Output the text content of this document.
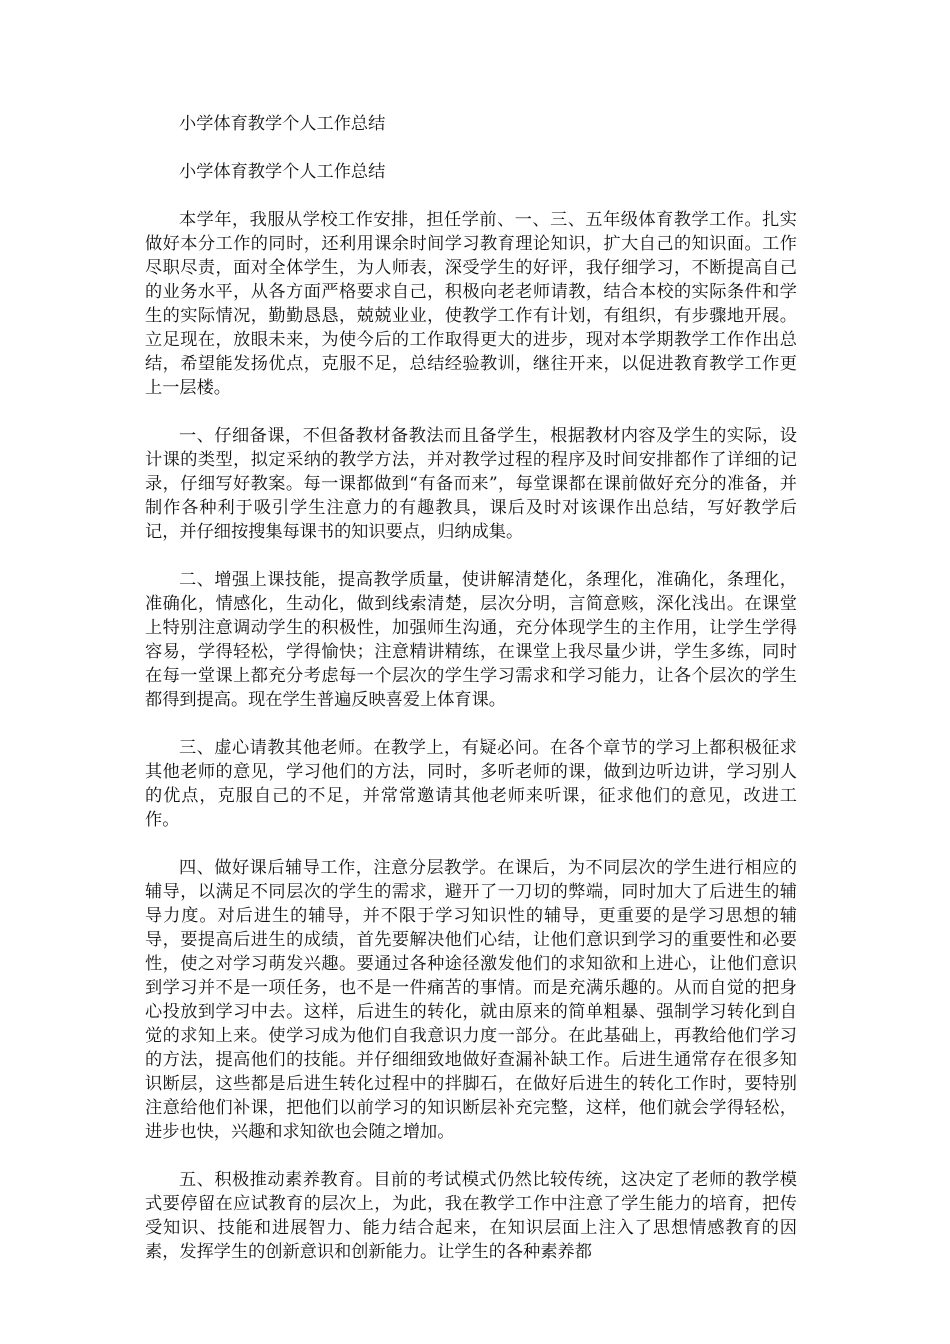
小学体育教学个人工作总结

小学体育教学个人工作总结

本学年，我服从学校工作安排，担任学前、一、三、五年级体育教学工作。扎实做好本分工作的同时，还利用课余时间学习教育理论知识，扩大自己的知识面。工作尽职尽责，面对全体学生，为人师表，深受学生的好评，我仔细学习，不断提高自己的业务水平，从各方面严格要求自己，积极向老老师请教，结合本校的实际条件和学生的实际情况，勤勤恳恳，兢兢业业，使教学工作有计划，有组织，有步骤地开展。立足现在，放眼未来，为使今后的工作取得更大的进步，现对本学期教学工作作出总结，希望能发扬优点，克服不足，总结经验教训，继往开来，以促进教育教学工作更上一层楼。

一、仔细备课，不但备教材备教法而且备学生，根据教材内容及学生的实际，设计课的类型，拟定采纳的教学方法，并对教学过程的程序及时间安排都作了详细的记录，仔细写好教案。每一课都做到“有备而来”，每堂课都在课前做好充分的准备，并制作各种利于吸引学生注意力的有趣教具，课后及时对该课作出总结，写好教学后记，并仔细按搜集每课书的知识要点，归纳成集。

二、增强上课技能，提高教学质量，使讲解清楚化，条理化，准确化，条理化，准确化，情感化，生动化，做到线索清楚，层次分明，言简意赅，深化浅出。在课堂上特别注意调动学生的积极性，加强师生沟通，充分体现学生的主作用，让学生学得容易，学得轻松，学得愉快；注意精讲精练，在课堂上我尽量少讲，学生多练，同时在每一堂课上都充分考虑每一个层次的学生学习需求和学习能力，让各个层次的学生都得到提高。现在学生普遍反映喜爱上体育课。

三、虚心请教其他老师。在教学上，有疑必问。在各个章节的学习上都积极征求其他老师的意见，学习他们的方法，同时，多听老师的课，做到边听边讲，学习别人的优点，克服自己的不足，并常常邀请其他老师来听课，征求他们的意见，改进工作。

四、做好课后辅导工作，注意分层教学。在课后，为不同层次的学生进行相应的辅导，以满足不同层次的学生的需求，避开了一刀切的弊端，同时加大了后进生的辅导力度。对后进生的辅导，并不限于学习知识性的辅导，更重要的是学习思想的辅导，要提高后进生的成绩，首先要解决他们心结，让他们意识到学习的重要性和必要性，使之对学习萌发兴趣。要通过各种途径激发他们的求知欲和上进心，让他们意识到学习并不是一项任务，也不是一件痛苦的事情。而是充满乐趣的。从而自觉的把身心投放到学习中去。这样，后进生的转化，就由原来的简单粗暴、强制学习转化到自觉的求知上来。使学习成为他们自我意识力度一部分。在此基础上，再教给他们学习的方法，提高他们的技能。并仔细细致地做好查漏补缺工作。后进生通常存在很多知识断层，这些都是后进生转化过程中的拌脚石，在做好后进生的转化工作时，要特别注意给他们补课，把他们以前学习的知识断层补充完整，这样，他们就会学得轻松，进步也快，兴趣和求知欲也会随之增加。

五、积极推动素养教育。目前的考试模式仍然比较传统，这决定了老师的教学模式要停留在应试教育的层次上，为此，我在教学工作中注意了学生能力的培育，把传受知识、技能和进展智力、能力结合起来，在知识层面上注入了思想情感教育的因素，发挥学生的创新意识和创新能力。让学生的各种素养都
